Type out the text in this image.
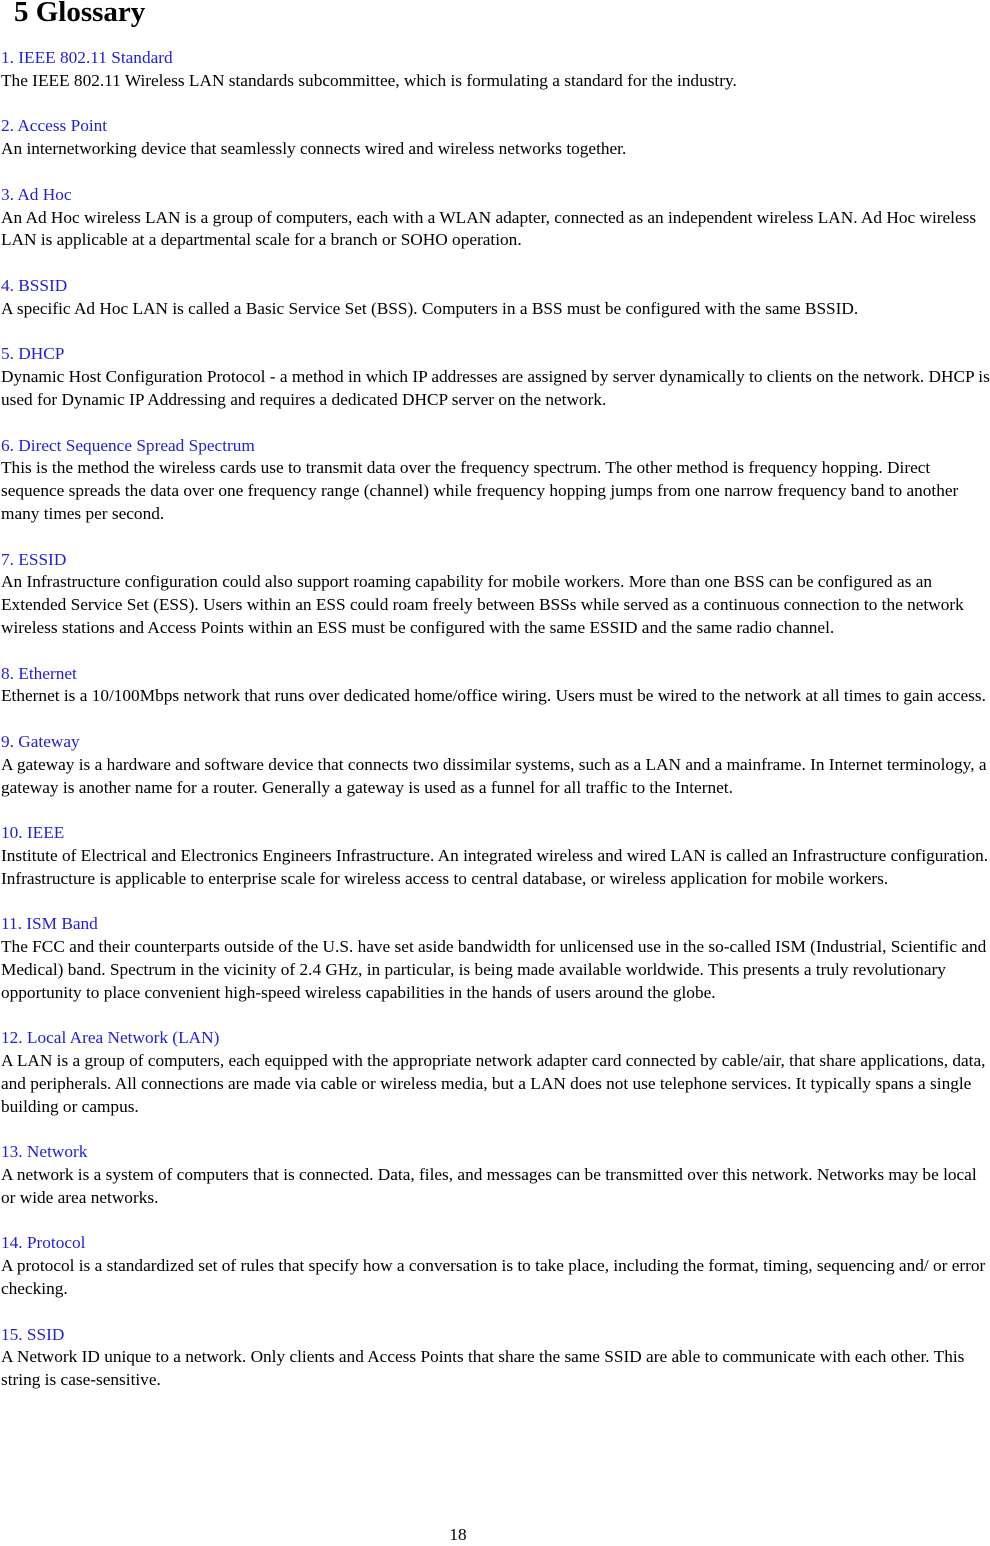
5 Glossary
1. IEEE 802.11 Standard
The IEEE 802.11 Wireless LAN standards subcommittee, which is formulating a standard for the industry.
2. Access Point
An internetworking device that seamlessly connects wired and wireless networks together.
3. Ad Hoc
An Ad Hoc wireless LAN is a group of computers, each with a WLAN adapter, connected as an independent wireless LAN. Ad Hoc wireless LAN is applicable at a departmental scale for a branch or SOHO operation.
4. BSSID
A specific Ad Hoc LAN is called a Basic Service Set (BSS). Computers in a BSS must be configured with the same BSSID.
5. DHCP
Dynamic Host Configuration Protocol - a method in which IP addresses are assigned by server dynamically to clients on the network. DHCP is used for Dynamic IP Addressing and requires a dedicated DHCP server on the network.
6. Direct Sequence Spread Spectrum
This is the method the wireless cards use to transmit data over the frequency spectrum. The other method is frequency hopping. Direct sequence spreads the data over one frequency range (channel) while frequency hopping jumps from one narrow frequency band to another many times per second.
7. ESSID
An Infrastructure configuration could also support roaming capability for mobile workers. More than one BSS can be configured as an Extended Service Set (ESS). Users within an ESS could roam freely between BSSs while served as a continuous connection to the network wireless stations and Access Points within an ESS must be configured with the same ESSID and the same radio channel.
8. Ethernet
Ethernet is a 10/100Mbps network that runs over dedicated home/office wiring. Users must be wired to the network at all times to gain access.
9. Gateway
A gateway is a hardware and software device that connects two dissimilar systems, such as a LAN and a mainframe. In Internet terminology, a gateway is another name for a router. Generally a gateway is used as a funnel for all traffic to the Internet.
10. IEEE
Institute of Electrical and Electronics Engineers Infrastructure. An integrated wireless and wired LAN is called an Infrastructure configuration. Infrastructure is applicable to enterprise scale for wireless access to central database, or wireless application for mobile workers.
11. ISM Band
The FCC and their counterparts outside of the U.S. have set aside bandwidth for unlicensed use in the so-called ISM (Industrial, Scientific and Medical) band. Spectrum in the vicinity of 2.4 GHz, in particular, is being made available worldwide. This presents a truly revolutionary opportunity to place convenient high-speed wireless capabilities in the hands of users around the globe.
12. Local Area Network (LAN)
A LAN is a group of computers, each equipped with the appropriate network adapter card connected by cable/air, that share applications, data, and peripherals. All connections are made via cable or wireless media, but a LAN does not use telephone services. It typically spans a single building or campus.
13. Network
A network is a system of computers that is connected. Data, files, and messages can be transmitted over this network. Networks may be local or wide area networks.
14. Protocol
A protocol is a standardized set of rules that specify how a conversation is to take place, including the format, timing, sequencing and/ or error checking.
15. SSID
A Network ID unique to a network. Only clients and Access Points that share the same SSID are able to communicate with each other. This string is case-sensitive.
18
